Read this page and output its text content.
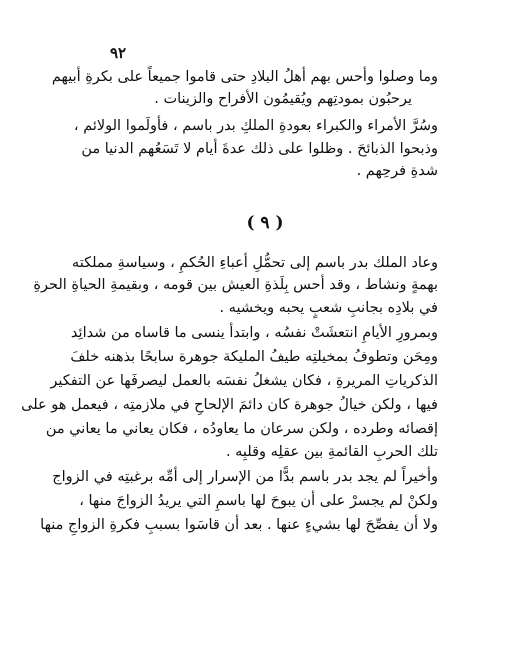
٩٢
وما وصلوا وأحس بهم أهلُ البلادِ حتى قاموا جميعاً على بكرةِ أبيهم
يرحبُون بمودتِهم ويُقيمُون الأفراح والزينات .
وسُرَّ الأمراء والكبراء بعودةِ الملكِ بدر باسم ، فأولَموا الولائم ،
وذبحوا الذبائحَ . وظلوا على ذلك عدةَ أيام لا تَسَعُهم الدنيا من
شدةِ فرحِهم .
( ٩ )
وعاد الملك بدر باسم إلى تحمُّلِ أعباءِ الحُكمِ ، وسياسةِ مملكته
بهمةٍ ونشاط ، وقد أحس بِلَذةِ العيش بين قومه ، وبقيمةِ الحياةِ الحرةِ
في بلادِه بجانبِ شعبٍ يحبه ويخشيه .
وبمرورِ الأيامِ انتعشَتْ نفسُه ، وابتدأ ينسى ما قاساه من شدائِد
ومِحَن وتطوفُ بمخيلتِه طيفُ المليكة جوهرة سابحًا بذهنه خلفَ
الذكرياتِ المريرةِ ، فكان يشغلُ نفسَه بالعمل ليصرفَها عن التفكير
فيها ، ولكن خيالُ جوهرة كان دائمَ الإلحاحِ في ملازمتِه ، فيعمل هو على
إقصائه وطرده ، ولكن سرعان ما يعاودُه ، فكان يعاني ما يعاني من
تلك الحربِ القائمةِ بين عقلِه وقلبِه .
وأخيراً لم يجد بدر باسم بدًّا من الإسرار إلى أمِّه برغبتِه في الزواج
ولكنْ لم يجسرْ على أن يبوحَ لها باسمِ التي يريدُ الزواجَ منها ،
ولا أن يفصِّحَ لها بشيءٍ عنها . بعد أن قاسَوا بسببِ فكرةِ الزواجِ منها
